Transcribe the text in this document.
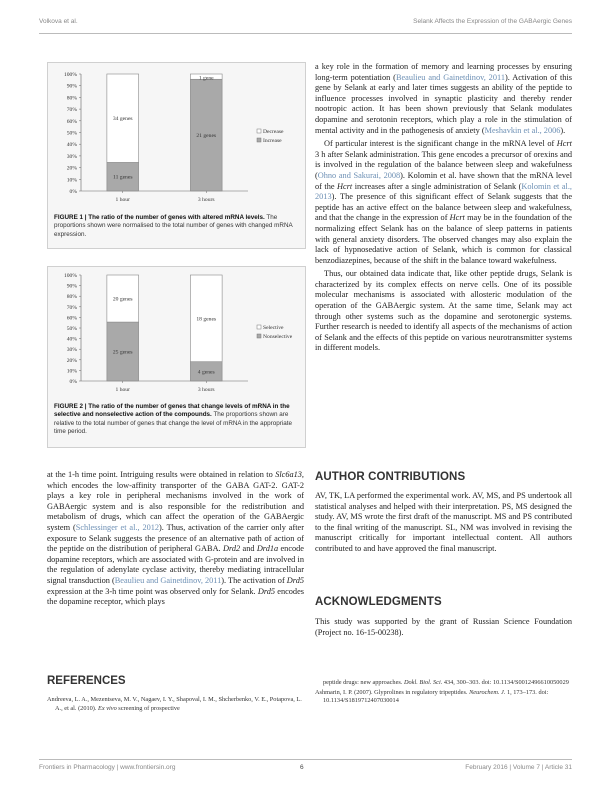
Volkova et al.	Selank Affects the Expression of the GABAergic Genes
0%
10%
20%
30%
40%
50%
60%
70%
80%
90%
100%
11 genes
34 genes
1 hour
21 genes
1 gene
3 hours
Decrease
Increase
FIGURE 1 | The ratio of the number of genes with altered mRNA levels. The proportions shown were normalised to the total number of genes with changed mRNA expression.
0%
10%
20%
30%
40%
50%
60%
70%
80%
90%
100%
25 genes
20 genes
1 hour
4 genes
18 genes
3 hours
Selective
Nonselective
FIGURE 2 | The ratio of the number of genes that change levels of mRNA in the selective and nonselective action of the compounds. The proportions shown are relative to the total number of genes that change the level of mRNA in the appropriate time period.

a key role in the formation of memory and learning processes by ensuring long-term potentiation (Beaulieu and Gainetdinov, 2011). Activation of this gene by Selank at early and later times suggests an ability of the peptide to influence processes involved in synaptic plasticity and thereby render nootropic action. It has been shown previously that Selank modulates dopamine and serotonin receptors, which play a role in the stimulation of mental activity and in the pathogenesis of anxiety (Meshavkin et al., 2006).

Of particular interest is the significant change in the mRNA level of Hcrt 3 h after Selank administration. This gene encodes a precursor of orexins and is involved in the regulation of the balance between sleep and wakefulness (Ohno and Sakurai, 2008). Kolomin et al. have shown that the mRNA level of the Hcrt increases after a single administration of Selank (Kolomin et al., 2013). The presence of this significant effect of Selank suggests that the peptide has an active effect on the balance between sleep and wakefulness, and that the change in the expression of Hcrt may be in the foundation of the normalizing effect Selank has on the balance of sleep patterns in patients with general anxiety disorders. The observed changes may also explain the lack of hypnosedative action of Selank, which is common for classical benzodiazepines, because of the shift in the balance toward wakefulness.

Thus, our obtained data indicate that, like other peptide drugs, Selank is characterized by its complex effects on nerve cells. One of its possible molecular mechanisms is associated with allosteric modulation of the operation of the GABAergic system. At the same time, Selank may act through other systems such as the dopamine and serotonergic systems. Further research is needed to identify all aspects of the mechanisms of action of Selank and the effects of this peptide on various neurotransmitter systems in different models.

at the 1-h time point. Intriguing results were obtained in relation to Slc6a13, which encodes the low-affinity transporter of the GABA GAT-2. GAT-2 plays a key role in peripheral mechanisms involved in the work of GABAergic system and is also responsible for the redistribution and metabolism of drugs, which can affect the operation of the GABAergic system (Schlessinger et al., 2012). Thus, activation of the carrier only after exposure to Selank suggests the presence of an alternative path of action of the peptide on the distribution of peripheral GABA. Drd2 and Drd1a encode dopamine receptors, which are associated with G-protein and are involved in the regulation of adenylate cyclase activity, thereby mediating intracellular signal transduction (Beaulieu and Gainetdinov, 2011). The activation of Drd5 expression at the 3-h time point was observed only for Selank. Drd5 encodes the dopamine receptor, which plays

AUTHOR CONTRIBUTIONS

AV, TK, LA performed the experimental work. AV, MS, and PS undertook all statistical analyses and helped with their interpretation. PS, MS designed the study. AV, MS wrote the first draft of the manuscript. MS and PS contributed to the final writing of the manuscript. SL, NM was involved in revising the manuscript critically for important intellectual content. All authors contributed to and have approved the final manuscript.

ACKNOWLEDGMENTS

This study was supported by the grant of Russian Science Foundation (Project no. 16-15-00238).

REFERENCES

Andreeva, L. A., Mezentseva, M. V., Nagaev, I. Y., Shapoval, I. M., Shcherbenko, V. E., Potapova, L. A., et al. (2010). Ex vivo screening of prospective

peptide drugs: new approaches. Dokl. Biol. Sci. 434, 300–303. doi: 10.1134/S0012496610050029

Ashmarin, I. P. (2007). Glyprolines in regulatory tripeptides. Neurochem. J. 1, 173–173. doi: 10.1134/S1819712407030014

Frontiers in Pharmacology | www.frontiersin.org	6	February 2016 | Volume 7 | Article 31
